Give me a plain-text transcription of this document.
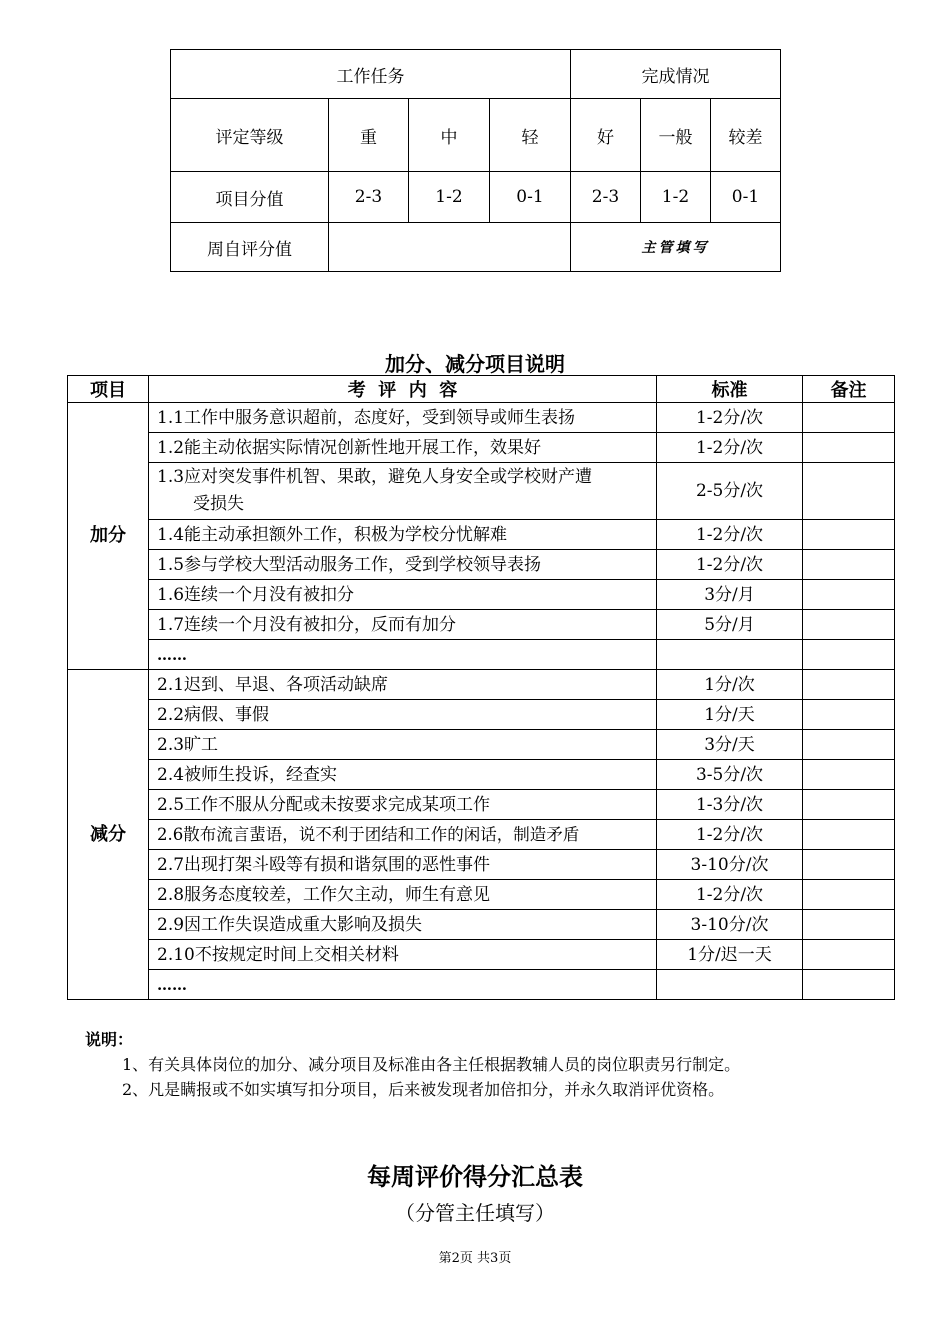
工作任务				完成情况		
评定等级	重	中	轻	好	一般	较差
项目分值	2-3	1-2	0-1	2-3	1-2	0-1
周自评分值				主管填写		
加分、减分项目说明
项目	考  评  内  容	标准	备注
加分	1.1工作中服务意识超前，态度好，受到领导或师生表扬	1-2分/次	
	1.2能主动依据实际情况创新性地开展工作，效果好	1-2分/次	

	1.3应对突发事件机智、果敢，避免人身安全或学校财产遭
受损失	2-5分/次	
	1.4能主动承担额外工作，积极为学校分忧解难	1-2分/次	
	1.5参与学校大型活动服务工作，受到学校领导表扬	1-2分/次	
	1.6连续一个月没有被扣分	3分/月	
	1.7连续一个月没有被扣分，反而有加分	5分/月	
	……		
减分	2.1迟到、早退、各项活动缺席	1分/次	
	2.2病假、事假	1分/天	
	2.3旷工	3分/天	
	2.4被师生投诉，经查实	3-5分/次	
	2.5工作不服从分配或未按要求完成某项工作	1-3分/次	
	2.6散布流言蜚语，说不利于团结和工作的闲话，制造矛盾	1-2分/次	
	2.7出现打架斗殴等有损和谐氛围的恶性事件	3-10分/次	
	2.8服务态度较差，工作欠主动，师生有意见	1-2分/次	
	2.9因工作失误造成重大影响及损失	3-10分/次	
	2.10不按规定时间上交相关材料	1分/迟一天	
	……		
说明：
1、有关具体岗位的加分、减分项目及标准由各主任根据教辅人员的岗位职责另行制定。
2、凡是瞒报或不如实填写扣分项目，后来被发现者加倍扣分，并永久取消评优资格。
每周评价得分汇总表
（分管主任填写）
第2页 共3页
